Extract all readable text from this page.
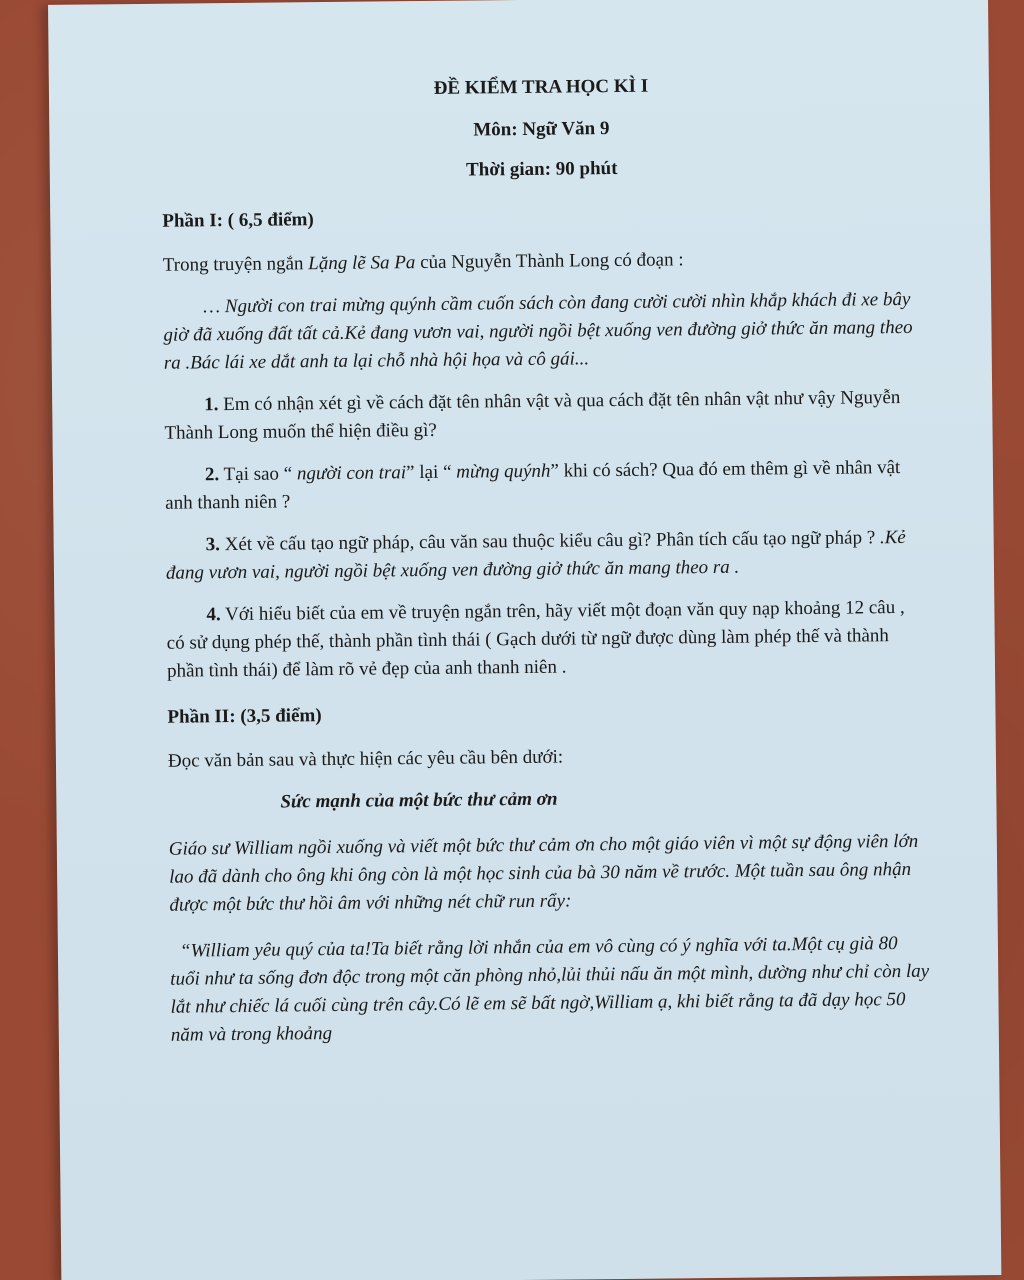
ĐỀ KIỂM TRA HỌC KÌ I

Môn: Ngữ Văn 9

Thời gian: 90 phút

Phần I: ( 6,5 điểm)

Trong truyện ngắn Lặng lẽ Sa Pa của Nguyễn Thành Long có đoạn :

… Người con trai mừng quýnh cầm cuốn sách còn đang cười cười nhìn khắp khách đi xe bây giờ đã xuống đất tất cả.Kẻ đang vươn vai, người ngồi bệt xuống ven đường giở thức ăn mang theo ra .Bác lái xe dắt anh ta lại chỗ nhà hội họa và cô gái...

1. Em có nhận xét gì về cách đặt tên nhân vật và qua cách đặt tên nhân vật như vậy Nguyễn Thành Long muốn thể hiện điều gì?

2. Tại sao “ người con trai” lại “ mừng quýnh” khi có sách? Qua đó em thêm gì về nhân vật anh thanh niên ?

3. Xét về cấu tạo ngữ pháp, câu văn sau thuộc kiểu câu gì? Phân tích cấu tạo ngữ pháp ? .Kẻ đang vươn vai, người ngồi bệt xuống ven đường giở thức ăn mang theo ra .

4. Với hiểu biết của em về truyện ngắn trên, hãy viết một đoạn văn quy nạp khoảng 12 câu , có sử dụng phép thế, thành phần tình thái ( Gạch dưới từ ngữ được dùng làm phép thế và thành phần tình thái) để làm rõ vẻ đẹp của anh thanh niên .

Phần II: (3,5 điểm)

Đọc văn bản sau và thực hiện các yêu cầu bên dưới:

Sức mạnh của một bức thư cảm ơn

Giáo sư William ngồi xuống và viết một bức thư cảm ơn cho một giáo viên vì một sự động viên lớn lao đã dành cho ông khi ông còn là một học sinh của bà 30 năm về trước. Một tuần sau ông nhận được một bức thư hồi âm với những nét chữ run rẩy:

“William yêu quý của ta!Ta biết rằng lời nhắn của em vô cùng có ý nghĩa với ta.Một cụ già 80 tuổi như ta sống đơn độc trong một căn phòng nhỏ,lủi thủi nấu ăn một mình, dường như chỉ còn lay lắt như chiếc lá cuối cùng trên cây.Có lẽ em sẽ bất ngờ,William ạ, khi biết rằng ta đã dạy học 50 năm và trong khoảng
